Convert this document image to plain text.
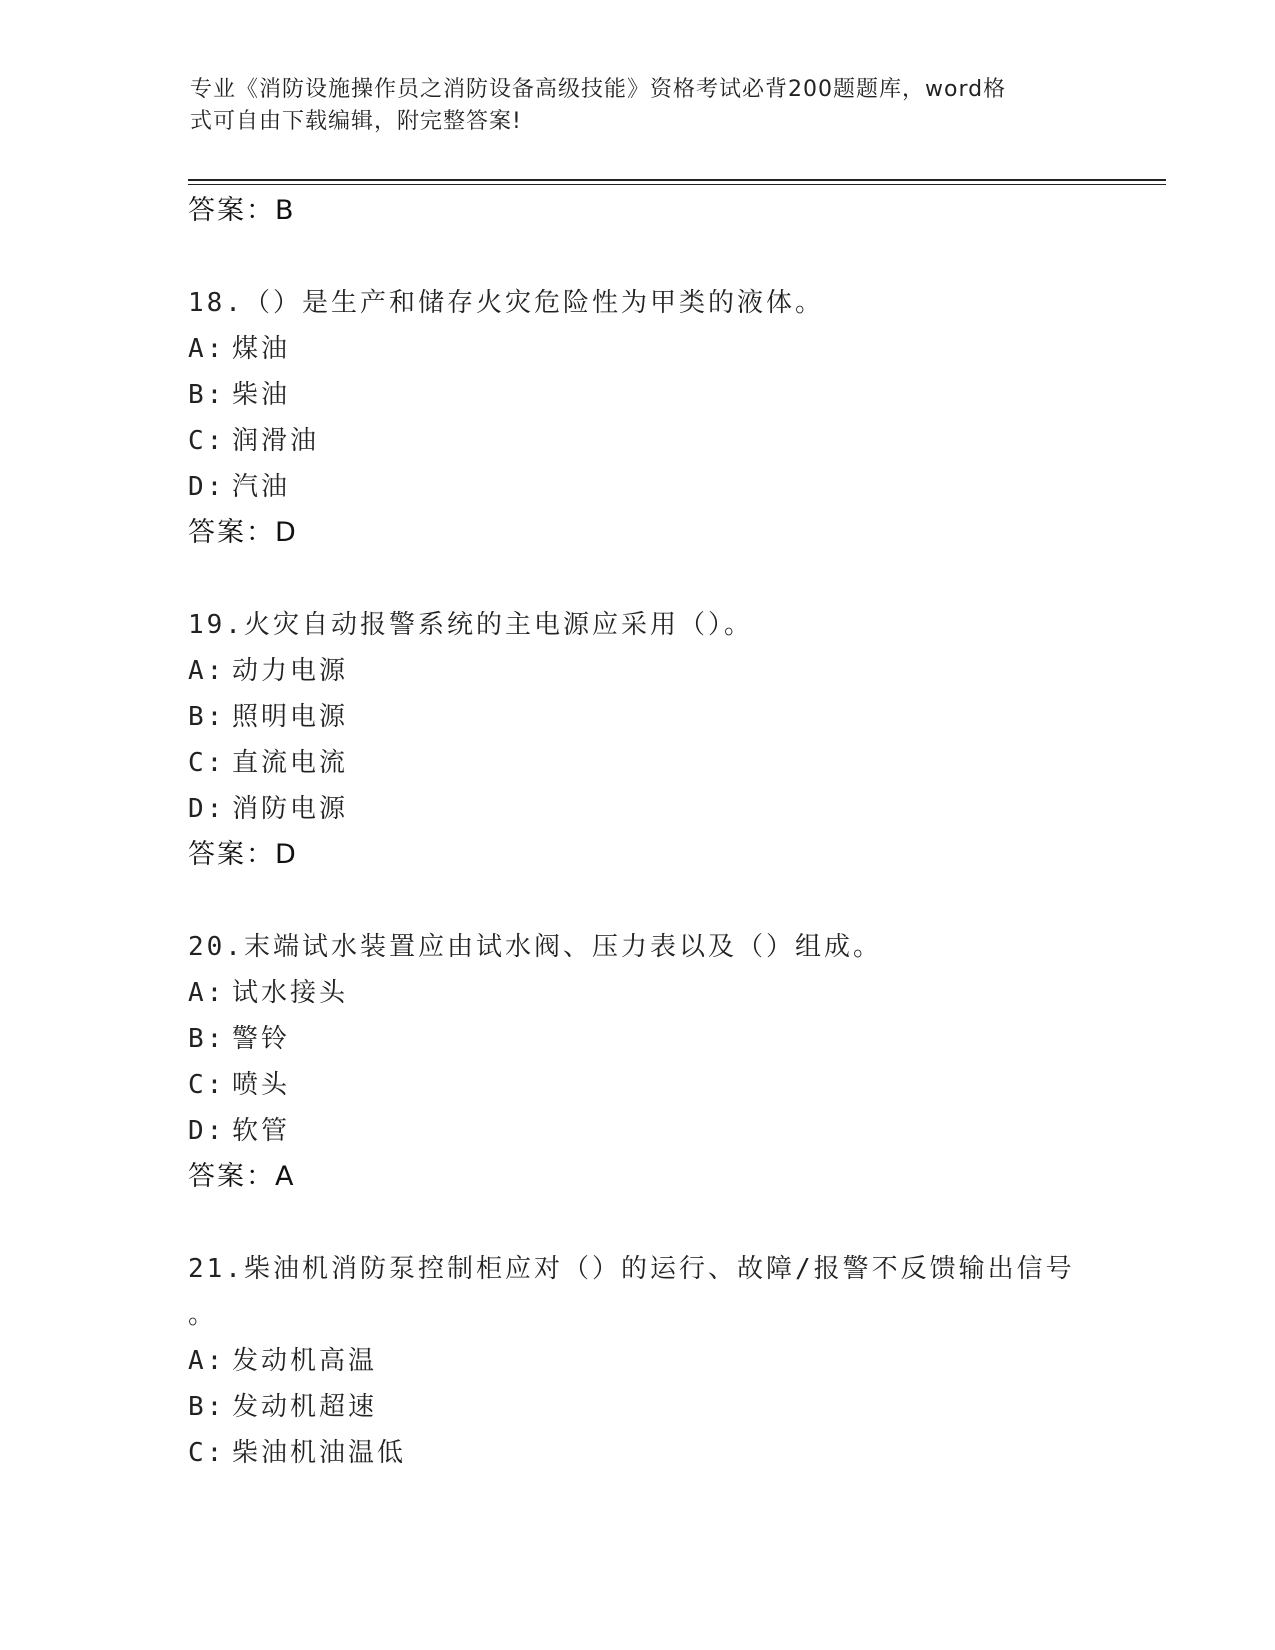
专业《消防设施操作员之消防设备高级技能》资格考试必背200题题库，word格
式可自由下载编辑，附完整答案!
答案：B
18.（）是生产和储存火灾危险性为甲类的液体。
A: 煤油
B: 柴油
C: 润滑油
D: 汽油
答案：D
19.火灾自动报警系统的主电源应采用（）。
A: 动力电源
B: 照明电源
C: 直流电流
D: 消防电源
答案：D
20.末端试水装置应由试水阀、压力表以及（）组成。
A: 试水接头
B: 警铃
C: 喷头
D: 软管
答案：A
21.柴油机消防泵控制柜应对（）的运行、故障/报警不反馈输出信号
。
A: 发动机高温
B: 发动机超速
C: 柴油机油温低
